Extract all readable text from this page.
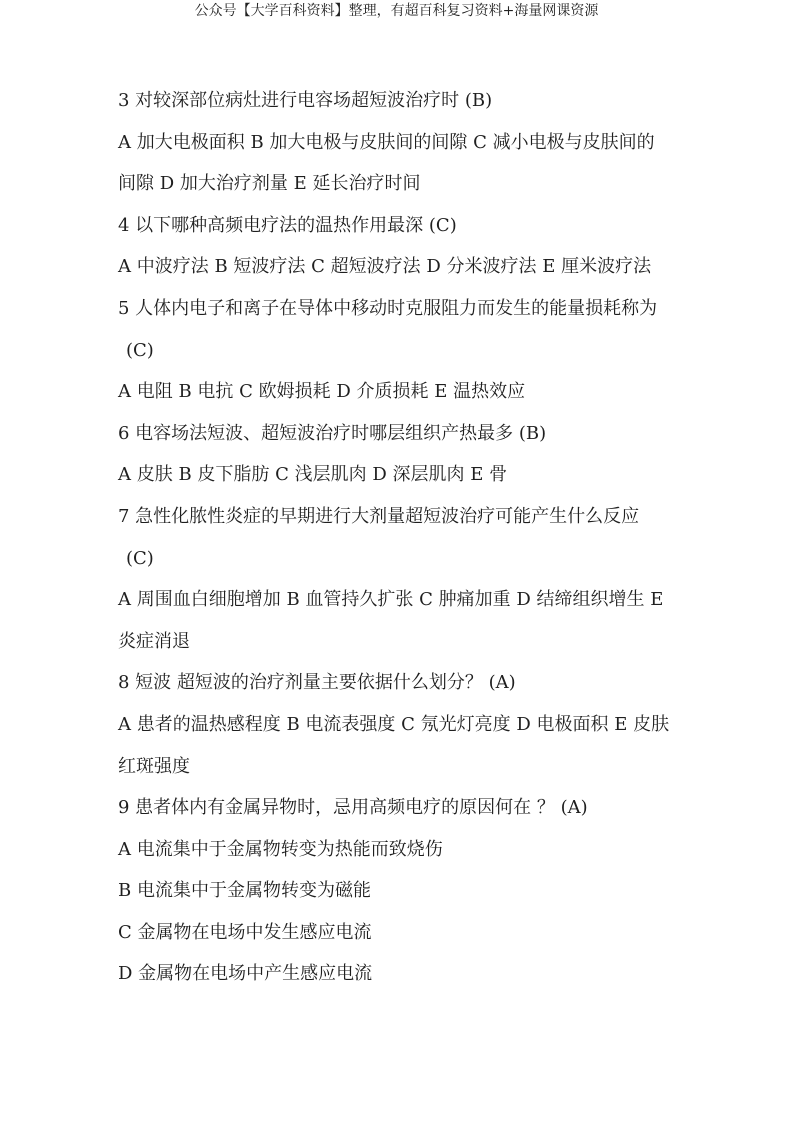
公众号【大学百科资料】整理，有超百科复习资料+海量网课资源
3 对较深部位病灶进行电容场超短波治疗时 (B)
A 加大电极面积 B 加大电极与皮肤间的间隙 C 减小电极与皮肤间的
间隙 D 加大治疗剂量 E 延长治疗时间
4 以下哪种高频电疗法的温热作用最深 (C)
A 中波疗法 B 短波疗法 C 超短波疗法 D 分米波疗法 E 厘米波疗法
5 人体内电子和离子在导体中移动时克服阻力而发生的能量损耗称为
(C)
A 电阻 B 电抗 C 欧姆损耗 D 介质损耗 E 温热效应
6 电容场法短波、超短波治疗时哪层组织产热最多 (B)
A 皮肤 B 皮下脂肪 C 浅层肌肉 D 深层肌肉 E 骨
7 急性化脓性炎症的早期进行大剂量超短波治疗可能产生什么反应
(C)
A 周围血白细胞增加 B 血管持久扩张 C 肿痛加重 D 结缔组织增生 E
炎症消退
8 短波 超短波的治疗剂量主要依据什么划分？ (A)
A 患者的温热感程度 B 电流表强度 C 氖光灯亮度 D 电极面积 E 皮肤
红斑强度
9 患者体内有金属异物时，忌用高频电疗的原因何在 ？ (A)
A 电流集中于金属物转变为热能而致烧伤
B 电流集中于金属物转变为磁能
C 金属物在电场中发生感应电流
D 金属物在电场中产生感应电流
